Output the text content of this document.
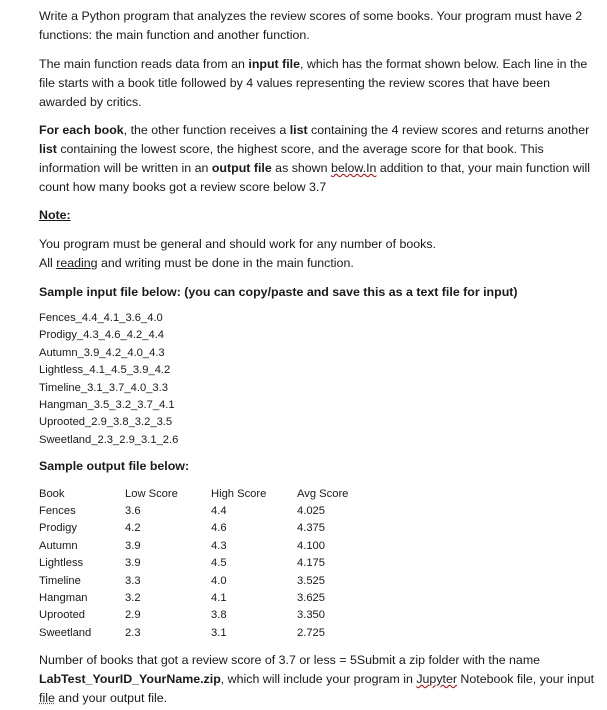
Write a Python program that analyzes the review scores of some books. Your program must have 2 functions: the main function and another function.

The main function reads data from an input file, which has the format shown below. Each line in the file starts with a book title followed by 4 values representing the review scores that have been awarded by critics.

For each book, the other function receives a list containing the 4 review scores and returns another list containing the lowest score, the highest score, and the average score for that book. This information will be written in an output file as shown below.In addition to that, your main function will count how many books got a review score below 3.7

Note:

You program must be general and should work for any number of books.

All reading and writing must be done in the main function.

Sample input file below: (you can copy/paste and save this as a text file for input)

Fences_4.4_4.1_3.6_4.0
Prodigy_4.3_4.6_4.2_4.4
Autumn_3.9_4.2_4.0_4.3
Lightless_4.1_4.5_3.9_4.2
Timeline_3.1_3.7_4.0_3.3
Hangman_3.5_3.2_3.7_4.1
Uprooted_2.9_3.8_3.2_3.5
Sweetland_2.3_2.9_3.1_2.6

Sample output file below:

Book	Low Score	High Score	Avg Score
Fences	3.6	4.4	4.025
Prodigy	4.2	4.6	4.375
Autumn	3.9	4.3	4.100
Lightless	3.9	4.5	4.175
Timeline	3.3	4.0	3.525
Hangman	3.2	4.1	3.625
Uprooted	2.9	3.8	3.350
Sweetland	2.3	3.1	2.725

Number of books that got a review score of 3.7 or less = 5Submit a zip folder with the name LabTest_YourID_YourName.zip, which will include your program in Jupyter Notebook file, your input file and your output file.
